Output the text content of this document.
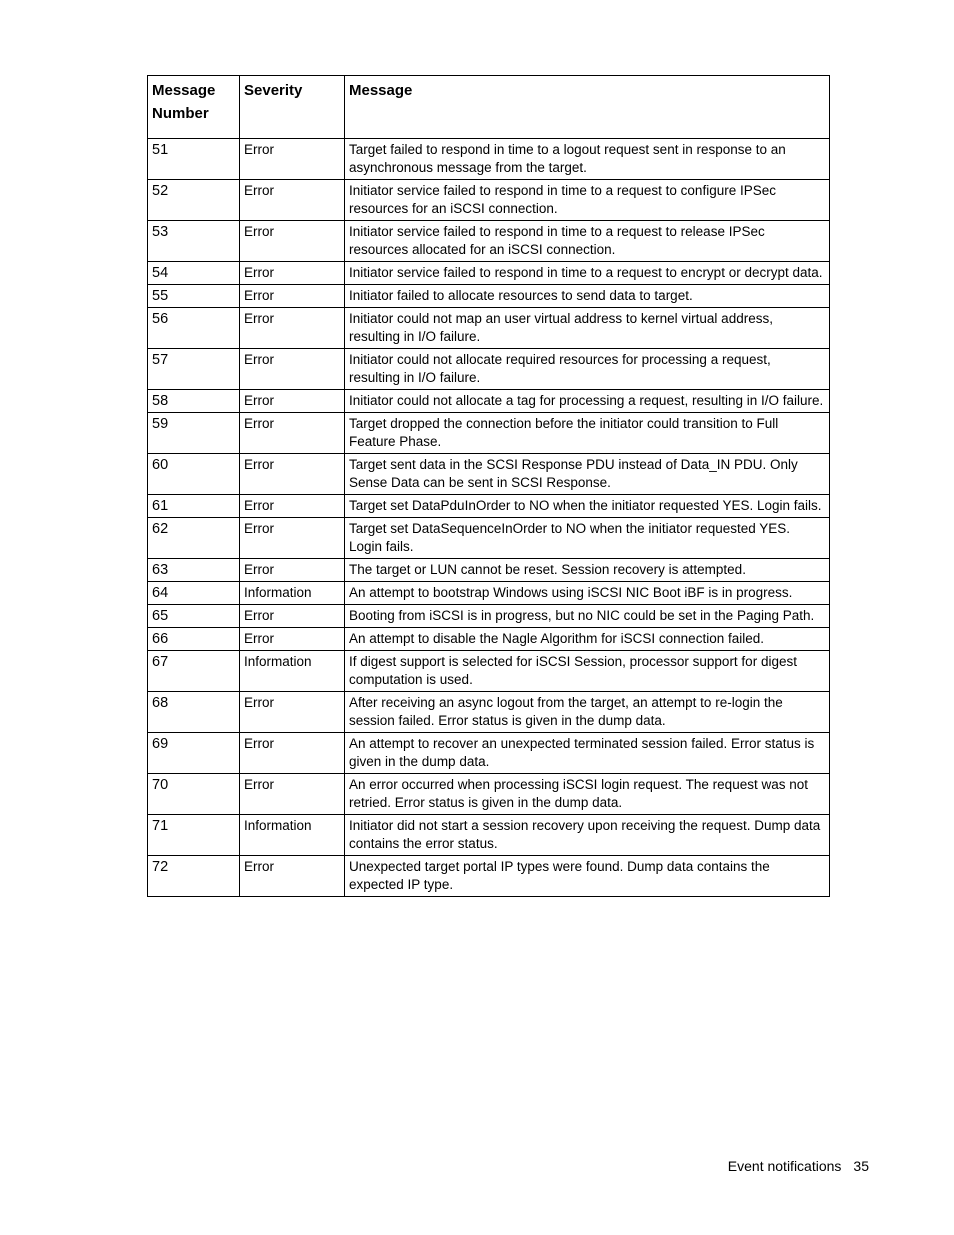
Message
Number	Severity	Message
51	Error	Target failed to respond in time to a logout request sent in response to an asynchronous message from the target.
52	Error	Initiator service failed to respond in time to a request to configure IPSec resources for an iSCSI connection.
53	Error	Initiator service failed to respond in time to a request to release IPSec resources allocated for an iSCSI connection.
54	Error	Initiator service failed to respond in time to a request to encrypt or decrypt data.
55	Error	Initiator failed to allocate resources to send data to target.
56	Error	Initiator could not map an user virtual address to kernel virtual address, resulting in I/O failure.
57	Error	Initiator could not allocate required resources for processing a request, resulting in I/O failure.
58	Error	Initiator could not allocate a tag for processing a request, resulting in I/O failure.
59	Error	Target dropped the connection before the initiator could transition to Full Feature Phase.
60	Error	Target sent data in the SCSI Response PDU instead of Data_IN PDU. Only Sense Data can be sent in SCSI Response.
61	Error	Target set DataPduInOrder to NO when the initiator requested YES. Login fails.
62	Error	Target set DataSequenceInOrder to NO when the initiator requested YES. Login fails.
63	Error	The target or LUN cannot be reset. Session recovery is attempted.
64	Information	An attempt to bootstrap Windows using iSCSI NIC Boot iBF is in progress.
65	Error	Booting from iSCSI is in progress, but no NIC could be set in the Paging Path.
66	Error	An attempt to disable the Nagle Algorithm for iSCSI connection failed.
67	Information	If digest support is selected for iSCSI Session, processor support for digest computation is used.
68	Error	After receiving an async logout from the target, an attempt to re-login the session failed. Error status is given in the dump data.
69	Error	An attempt to recover an unexpected terminated session failed. Error status is given in the dump data.
70	Error	An error occurred when processing iSCSI login request. The request was not retried. Error status is given in the dump data.
71	Information	Initiator did not start a session recovery upon receiving the request. Dump data contains the error status.
72	Error	Unexpected target portal IP types were found. Dump data contains the expected IP type.
Event notifications 35
